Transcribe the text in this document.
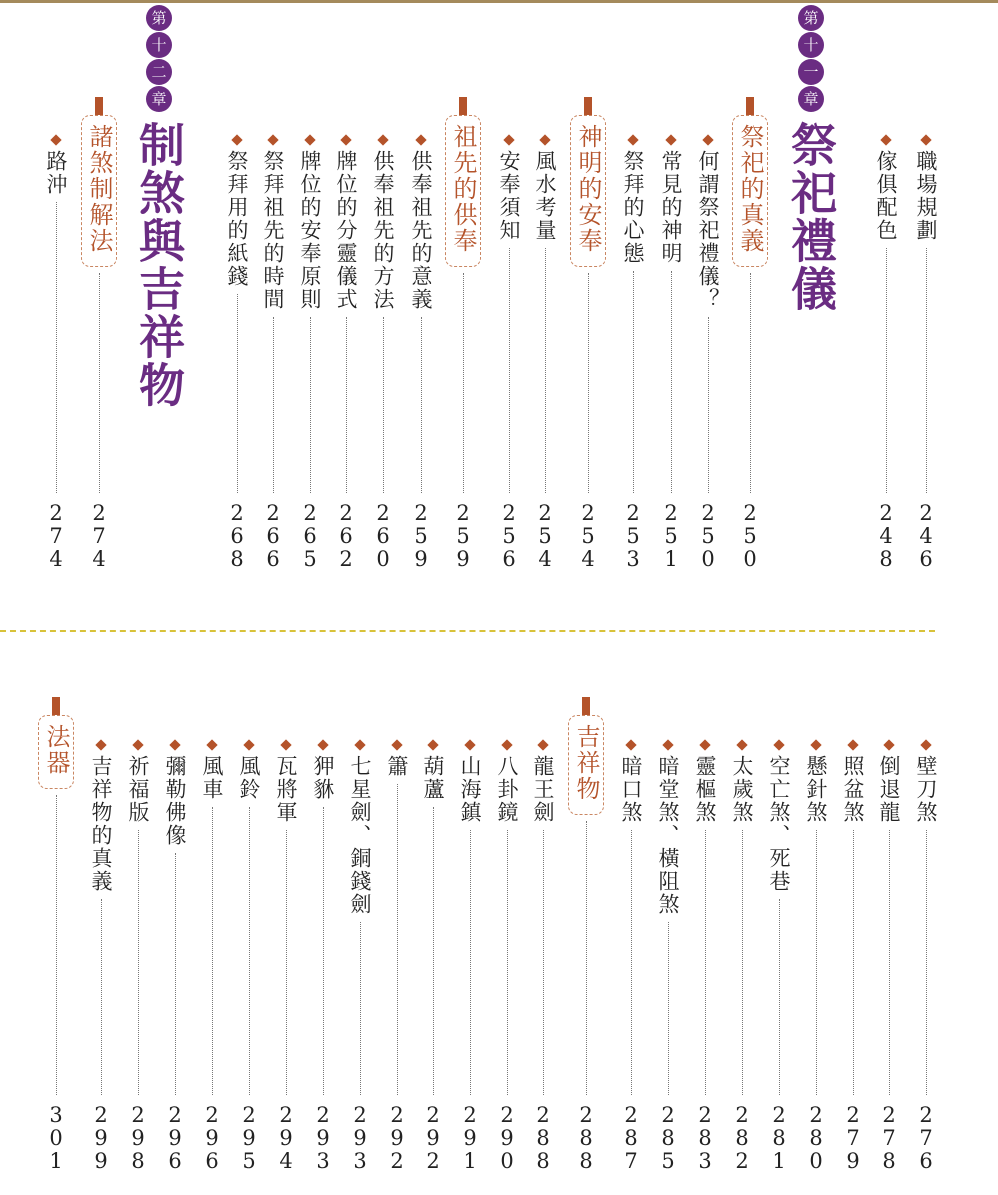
職場規劃
246
傢俱配色
248
第
十
一
章
祭祀禮儀
祭祀的真義
250
何謂祭祀禮儀？
250
常見的神明
251
祭拜的心態
253
神明的安奉
254
風水考量
254
安奉須知
256
祖先的供奉
259
供奉祖先的意義
259
供奉祖先的方法
260
牌位的分靈儀式
262
牌位的安奉原則
265
祭拜祖先的時間
266
祭拜用的紙錢
268
第
十
二
章
制煞與吉祥物
諸煞制解法
274
路沖
274
壁刀煞
276
倒退龍
278
照盆煞
279
懸針煞
280
空亡煞、死巷
281
太歲煞
282
靈樞煞
283
暗堂煞、橫阻煞
285
暗口煞
287
吉祥物
288
龍王劍
288
八卦鏡
290
山海鎮
291
葫蘆
292
簫
292
七星劍、銅錢劍
293
狎貅
293
瓦將軍
294
風鈴
295
風車
296
彌勒佛像
296
祈福版
298
吉祥物的真義
299
法器
301
